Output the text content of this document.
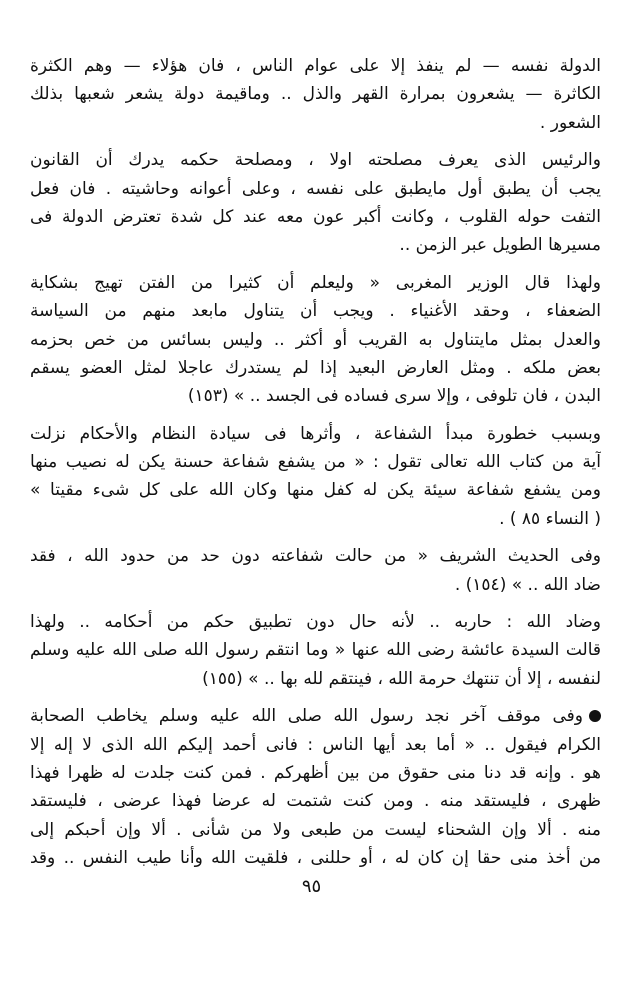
الدولة نفسه — لم ينفذ إلا على عوام الناس ، فان هؤلاء — وهم الكثرة
الكاثرة — يشعرون بمرارة القهر والذل .. وماقيمة دولة يشعر شعبها بذلك
الشعور .

والرئيس الذى يعرف مصلحته اولا ، ومصلحة حكمه يدرك أن القانون
يجب أن يطبق أول مايطبق على نفسه ، وعلى أعوانه وحاشيته . فان فعل
التفت حوله القلوب ، وكانت أكبر عون معه عند كل شدة تعترض الدولة فى
مسيرها الطويل عبر الزمن ..

ولهذا قال الوزير المغربى « وليعلم أن كثيرا من الفتن تهيج بشكاية
الضعفاء ، وحقد الأغنياء . ويجب أن يتناول مابعد منهم من السياسة
والعدل بمثل مايتناول به القريب أو أكثر .. وليس بسائس من خص بحزمه
بعض ملكه . ومثل العارض البعيد إذا لم يستدرك عاجلا لمثل العضو يسقم
البدن ، فان تلوفى ، وإلا سرى فساده فى الجسد .. » (١٥٣)

وبسبب خطورة مبدأ الشفاعة ، وأثرها فى سيادة النظام والأحكام نزلت
آية من كتاب الله تعالى تقول : « من يشفع شفاعة حسنة يكن له نصيب منها
ومن يشفع شفاعة سيئة يكن له كفل منها وكان الله على كل شىء مقيتا »
( النساء ٨٥ ) .

وفى الحديث الشريف « من حالت شفاعته دون حد من حدود الله ، فقد
ضاد الله .. » (١٥٤) .

وضاد الله : حاربه .. لأنه حال دون تطبيق حكم من أحكامه .. ولهذا
قالت السيدة عائشة رضى الله عنها « وما انتقم رسول الله صلى الله عليه وسلم
لنفسه ، إلا أن تنتهك حرمة الله ، فينتقم لله بها .. » (١٥٥)

وفى موقف آخر نجد رسول الله صلى الله عليه وسلم يخاطب الصحابة
الكرام فيقول .. « أما بعد أيها الناس : فانى أحمد إليكم الله الذى لا إله إلا
هو . وإنه قد دنا منى حقوق من بين أظهركم . فمن كنت جلدت له ظهرا فهذا
ظهرى ، فليستقد منه . ومن كنت شتمت له عرضا فهذا عرضى ، فليستقد
منه . ألا وإن الشحناء ليست من طبعى ولا من شأنى . ألا وإن أحبكم إلى
من أخذ منى حقا إن كان له ، أو حللنى ، فلقيت الله وأنا طيب النفس .. وقد

٩٥
